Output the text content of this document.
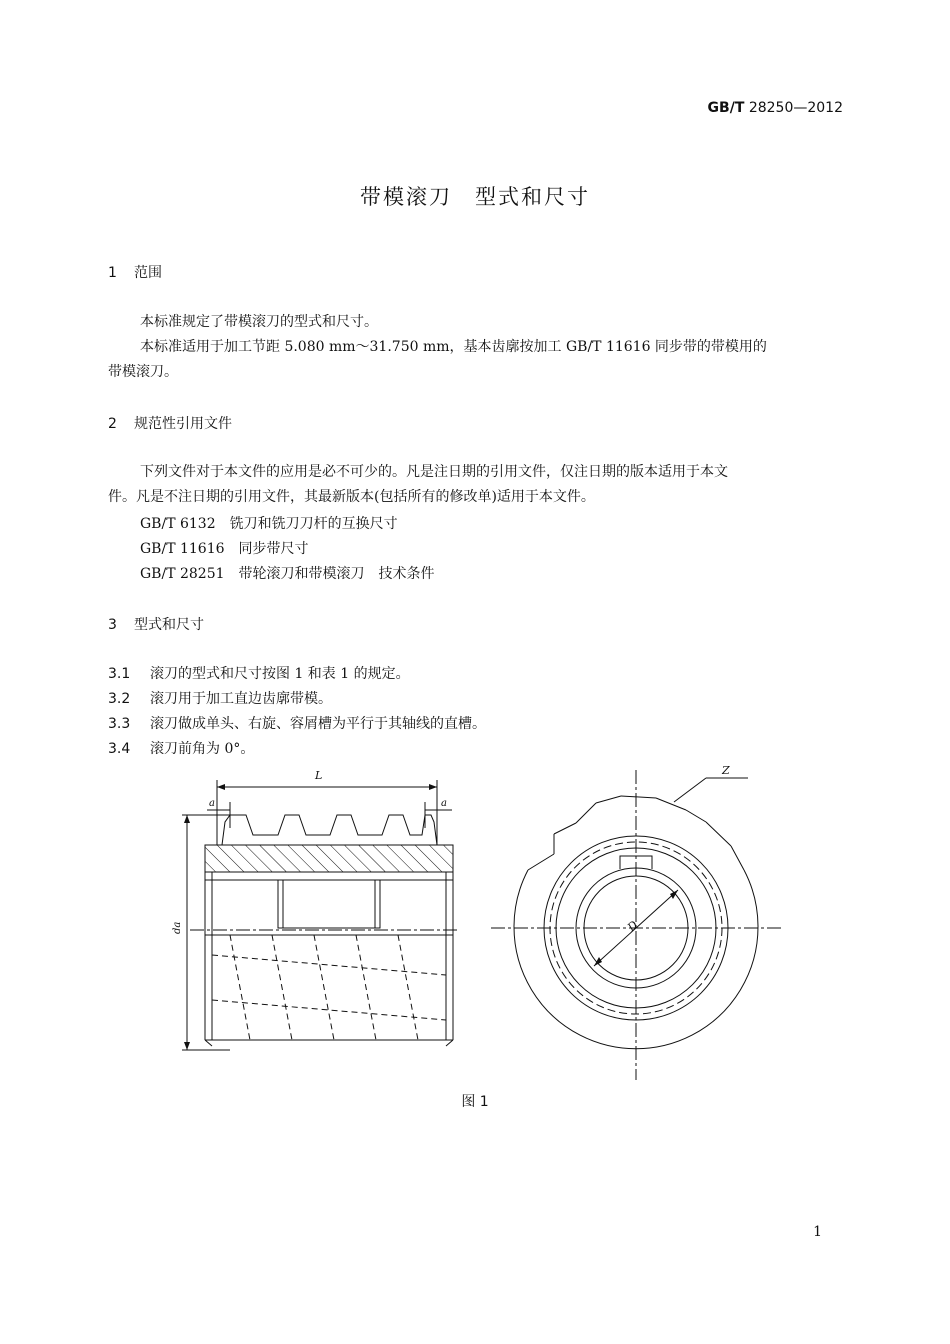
GB/T 28250—2012
带模滚刀　型式和尺寸
1 范围
本标准规定了带模滚刀的型式和尺寸。
本标准适用于加工节距 5.080 mm～31.750 mm，基本齿廓按加工 GB/T 11616 同步带的带模用的
带模滚刀。
2 规范性引用文件
下列文件对于本文件的应用是必不可少的。凡是注日期的引用文件，仅注日期的版本适用于本文
件。凡是不注日期的引用文件，其最新版本(包括所有的修改单)适用于本文件。
GB/T 6132　铣刀和铣刀刀杆的互换尺寸
GB/T 11616　同步带尺寸
GB/T 28251　带轮滚刀和带模滚刀　技术条件
3 型式和尺寸
3.1 滚刀的型式和尺寸按图 1 和表 1 的规定。
3.2 滚刀用于加工直边齿廓带模。
3.3 滚刀做成单头、右旋、容屑槽为平行于其轴线的直槽。
3.4 滚刀前角为 0°。
L
a	a
da	D
Z
图 1
1
